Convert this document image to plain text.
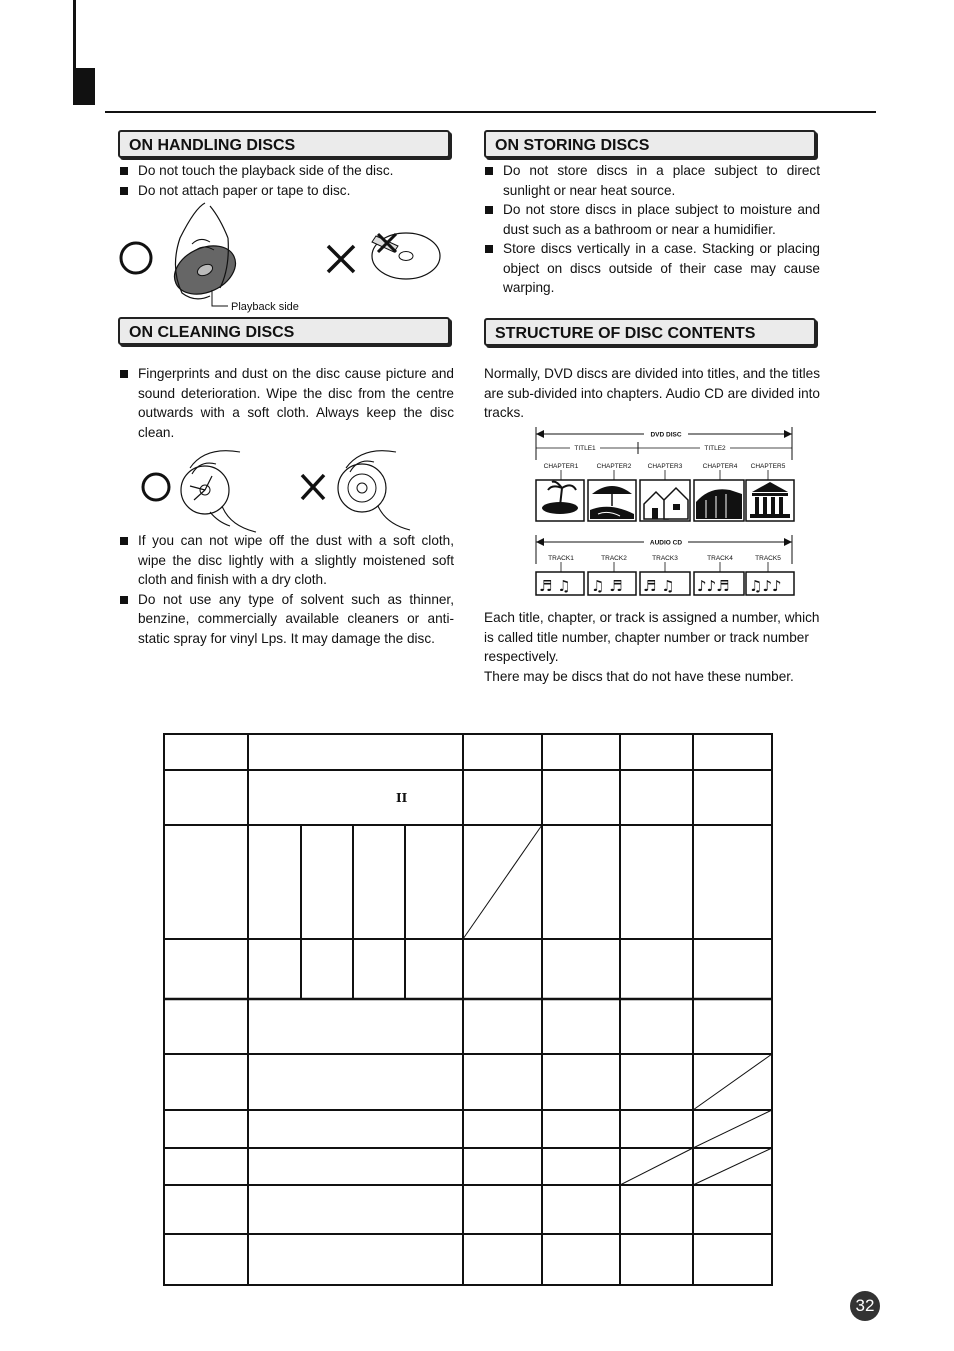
ON HANDLING DISCS
Do not touch the playback side of the disc.
Do not attach paper or tape to disc.
Playback side
ON STORING DISCS
Do not store discs in a place subject to direct sunlight or near heat source.
Do not store discs in place subject to moisture and dust such as a bathroom or near a humidifier.
Store discs vertically in a case. Stacking or placing object on discs outside of their case may cause warping.
ON CLEANING DISCS
Fingerprints and dust on the disc cause picture and sound deterioration. Wipe the disc from the centre outwards with a soft cloth. Always keep the disc clean.
If you can not wipe off the dust with a soft cloth, wipe the disc lightly with a slightly moistened soft cloth and finish with a dry cloth.
Do not use any type of solvent such as thinner, benzine, commercially available cleaners or anti-static spray for vinyl Lps. It may damage the disc.
STRUCTURE OF DISC CONTENTS
Normally, DVD discs are divided into titles, and the titles are sub-divided into chapters. Audio CD are divided into tracks.
DVD DISC
TITLE1	TITLE2
CHAPTER1	CHAPTER2	CHAPTER3	CHAPTER4 CHAPTER5
AUDIO CD
TRACK1	TRACK2	TRACK3	TRACK4	TRACK5
♬ ♫ ♫ ♬ ♬ ♫ ♪♪♬ ♫♪♪
Each title, chapter, or track is assigned a number, which is called title number, chapter number or track number respectively.
There may be discs that do not have these number.
II
32
